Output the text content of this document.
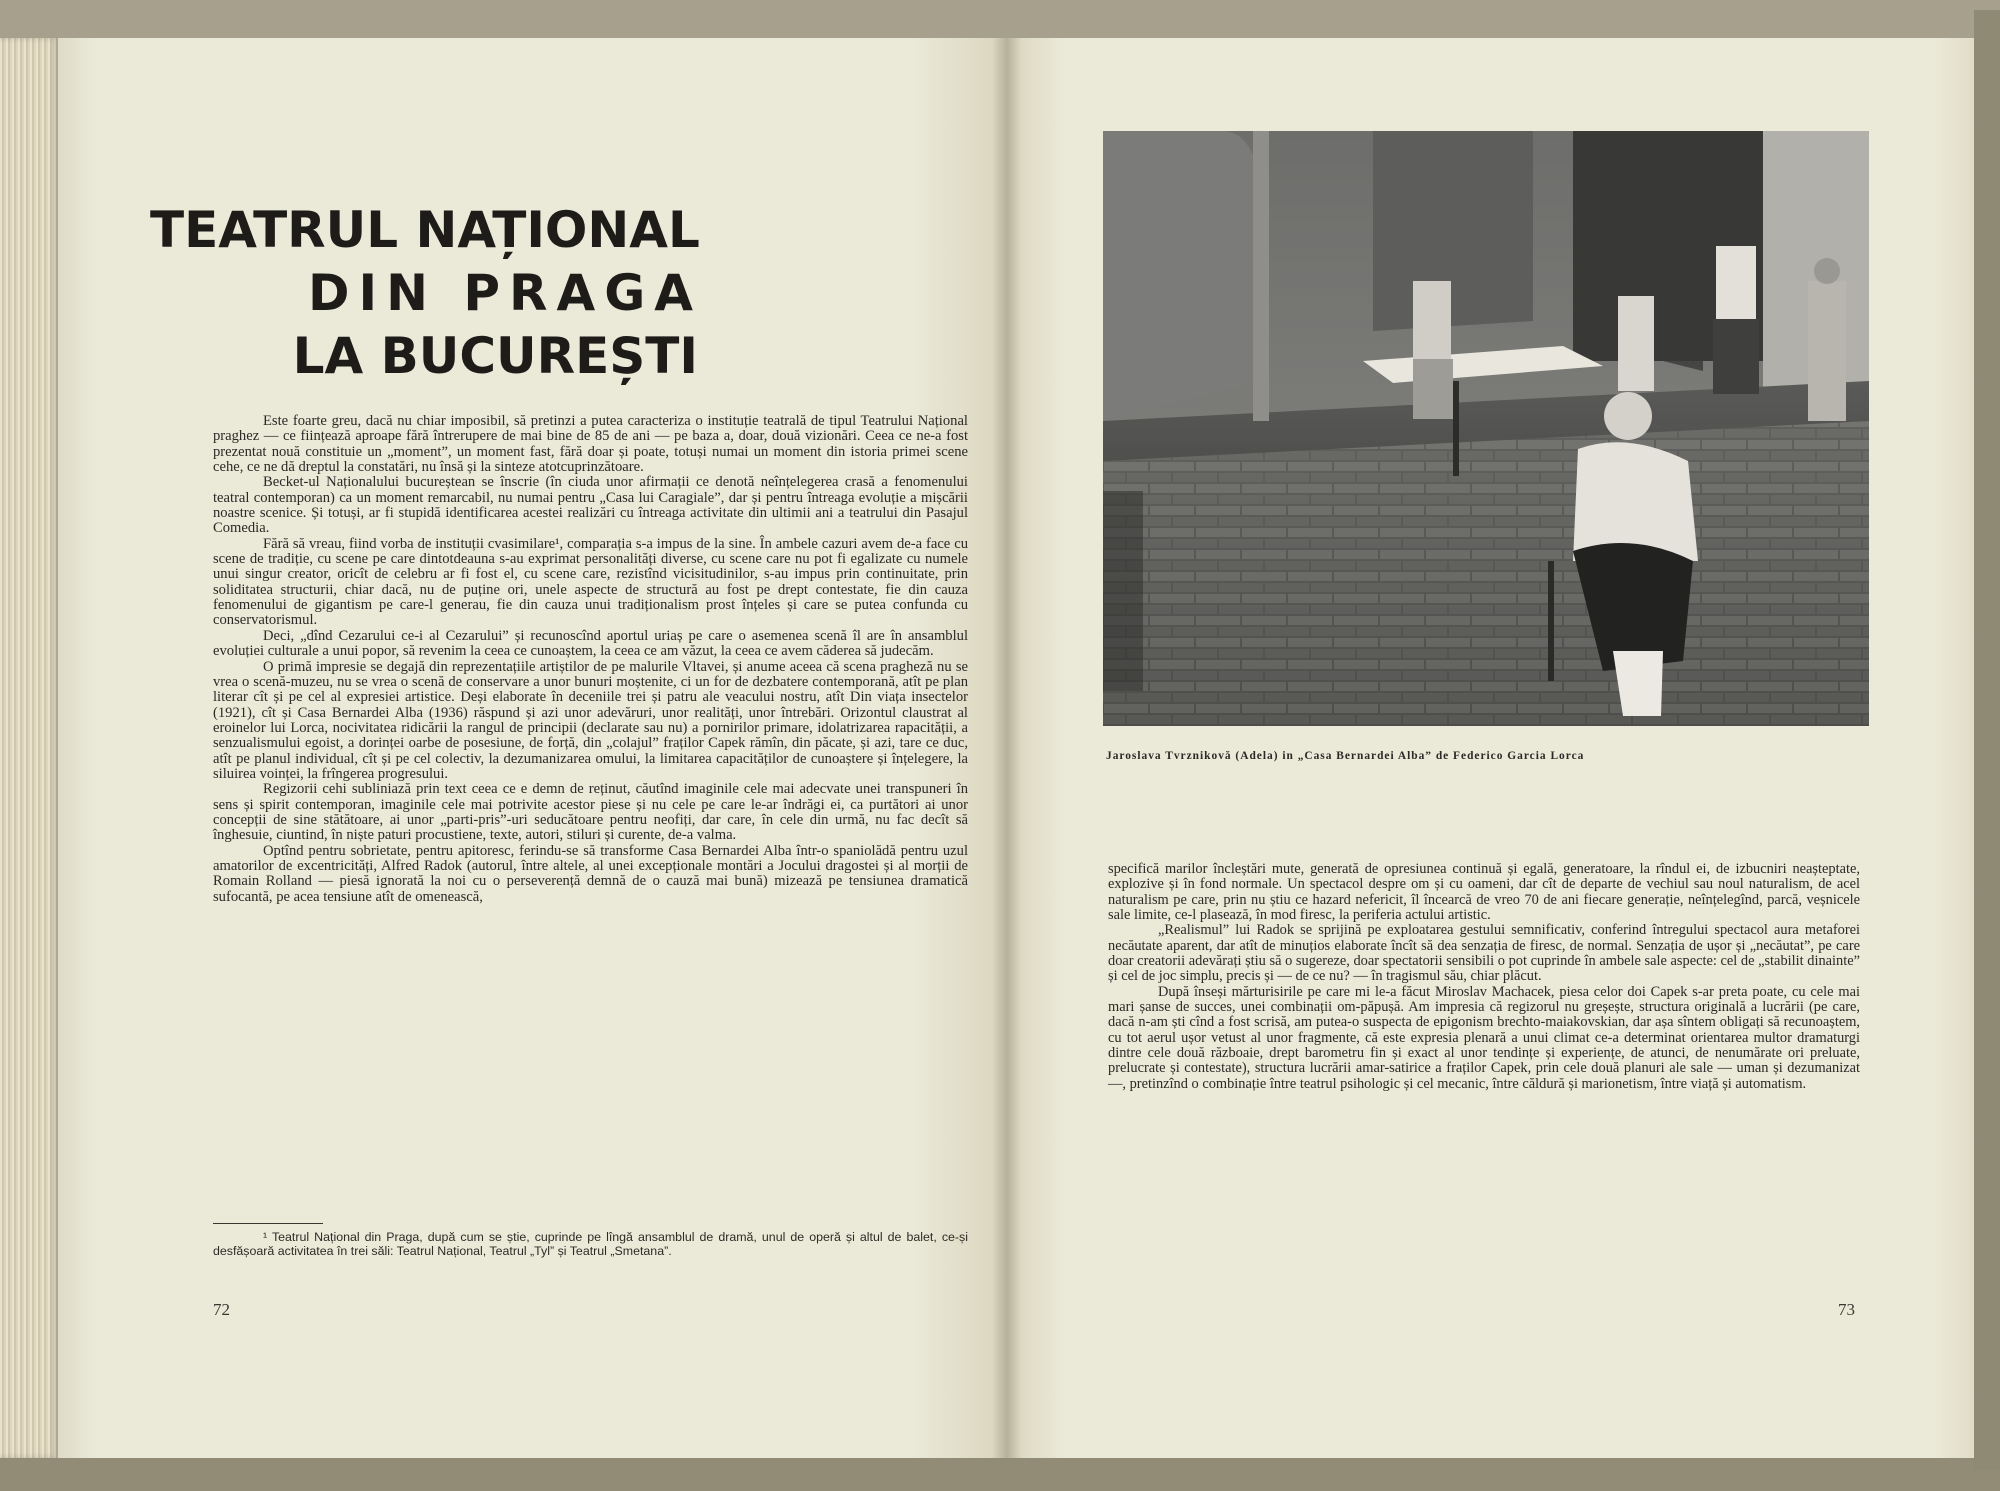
TEATRUL NAȚIONAL
DIN PRAGA
LA BUCUREȘTI

Este foarte greu, dacă nu chiar imposibil, să pretinzi a putea caracteriza o instituție teatrală de tipul Teatrului Național praghez — ce ființează aproape fără întrerupere de mai bine de 85 de ani — pe baza a, doar, două vizionări. Ceea ce ne-a fost prezentat nouă constituie un „moment”, un moment fast, fără doar și poate, totuși numai un moment din istoria primei scene cehe, ce ne dă dreptul la constatări, nu însă și la sinteze atotcuprinzătoare.

Becket-ul Naționalului bucureștean se înscrie (în ciuda unor afirmații ce denotă neînțelegerea crasă a fenomenului teatral contemporan) ca un moment remarcabil, nu numai pentru „Casa lui Caragiale”, dar și pentru întreaga evoluție a mișcării noastre scenice. Și totuși, ar fi stupidă identificarea acestei realizări cu întreaga activitate din ultimii ani a teatrului din Pasajul Comedia.

Fără să vreau, fiind vorba de instituții cvasimilare¹, comparația s-a impus de la sine. În ambele cazuri avem de-a face cu scene de tradiție, cu scene pe care dintotdeauna s-au exprimat personalități diverse, cu scene care nu pot fi egalizate cu numele unui singur creator, oricît de celebru ar fi fost el, cu scene care, rezistînd vicisitudinilor, s-au impus prin continuitate, prin soliditatea structurii, chiar dacă, nu de puține ori, unele aspecte de structură au fost pe drept contestate, fie din cauza fenomenului de gigantism pe care-l generau, fie din cauza unui tradiționalism prost înțeles și care se putea confunda cu conservatorismul.

Deci, „dînd Cezarului ce-i al Cezarului” și recunoscînd aportul uriaș pe care o asemenea scenă îl are în ansamblul evoluției culturale a unui popor, să revenim la ceea ce cunoaștem, la ceea ce am văzut, la ceea ce avem căderea să judecăm.

O primă impresie se degajă din reprezentațiile artiștilor de pe malurile Vltavei, și anume aceea că scena pragheză nu se vrea o scenă-muzeu, nu se vrea o scenă de conservare a unor bunuri moștenite, ci un for de dezbatere contemporană, atît pe plan literar cît și pe cel al expresiei artistice. Deși elaborate în deceniile trei și patru ale veacului nostru, atît Din viața insectelor (1921), cît și Casa Bernardei Alba (1936) răspund și azi unor adevăruri, unor realități, unor întrebări. Orizontul claustrat al eroinelor lui Lorca, nocivitatea ridicării la rangul de principii (declarate sau nu) a pornirilor primare, idolatrizarea rapacității, a senzualismului egoist, a dorinței oarbe de posesiune, de forță, din „colajul” fraților Capek rămîn, din păcate, și azi, tare ce duc, atît pe planul individual, cît și pe cel colectiv, la dezumanizarea omului, la limitarea capacităților de cunoaștere și înțelegere, la siluirea voinței, la frîngerea progresului.

Regizorii cehi subliniază prin text ceea ce e demn de reținut, căutînd imaginile cele mai adecvate unei transpuneri în sens și spirit contemporan, imaginile cele mai potrivite acestor piese și nu cele pe care le-ar îndrăgi ei, ca purtători ai unor concepții de sine stătătoare, ai unor „parti-pris”-uri seducătoare pentru neofiți, dar care, în cele din urmă, nu fac decît să înghesuie, ciuntind, în niște paturi procustiene, texte, autori, stiluri și curente, de-a valma.

Optînd pentru sobrietate, pentru apitoresc, ferindu-se să transforme Casa Bernardei Alba într-o spaniolădă pentru uzul amatorilor de excentricități, Alfred Radok (autorul, între altele, al unei excepționale montări a Jocului dragostei și al morții de Romain Rolland — piesă ignorată la noi cu o perseverență demnă de o cauză mai bună) mizează pe tensiunea dramatică sufocantă, pe acea tensiune atît de omenească,

¹ Teatrul Național din Praga, după cum se știe, cuprinde pe lîngă ansamblul de dramă, unul de operă și altul de balet, ce-și desfășoară activitatea în trei săli: Teatrul Național, Teatrul „Tyl” și Teatrul „Smetana”.

72
Jaroslava Tvrznikovă (Adela) in „Casa Bernardei Alba” de Federico Garcia Lorca

specifică marilor încleștări mute, generată de opresiunea continuă și egală, generatoare, la rîndul ei, de izbucniri neașteptate, explozive și în fond normale. Un spectacol despre om și cu oameni, dar cît de departe de vechiul sau noul naturalism, de acel naturalism pe care, prin nu știu ce hazard nefericit, îl încearcă de vreo 70 de ani fiecare generație, neînțelegînd, parcă, veșnicele sale limite, ce-l plasează, în mod firesc, la periferia actului artistic.

„Realismul” lui Radok se sprijină pe exploatarea gestului semnificativ, conferind întregului spectacol aura metaforei necăutate aparent, dar atît de minuțios elaborate încît să dea senzația de firesc, de normal. Senzația de ușor și „necăutat”, pe care doar creatorii adevărați știu să o sugereze, doar spectatorii sensibili o pot cuprinde în ambele sale aspecte: cel de „stabilit dinainte” și cel de joc simplu, precis și — de ce nu? — în tragismul său, chiar plăcut.

După înseși mărturisirile pe care mi le-a făcut Miroslav Machacek, piesa celor doi Capek s-ar preta poate, cu cele mai mari șanse de succes, unei combinații om-păpușă. Am impresia că regizorul nu greșește, structura originală a lucrării (pe care, dacă n-am ști cînd a fost scrisă, am putea-o suspecta de epigonism brechto-maiakovskian, dar așa sîntem obligați să recunoaștem, cu tot aerul ușor vetust al unor fragmente, că este expresia plenară a unui climat ce-a determinat orientarea multor dramaturgi dintre cele două războaie, drept barometru fin și exact al unor tendințe și experiențe, de atunci, de nenumărate ori preluate, prelucrate și contestate), structura lucrării amar-satirice a fraților Capek, prin cele două planuri ale sale — uman și dezumanizat —, pretinzînd o combinație între teatrul psihologic și cel mecanic, între căldură și marionetism, între viață și automatism.

73
